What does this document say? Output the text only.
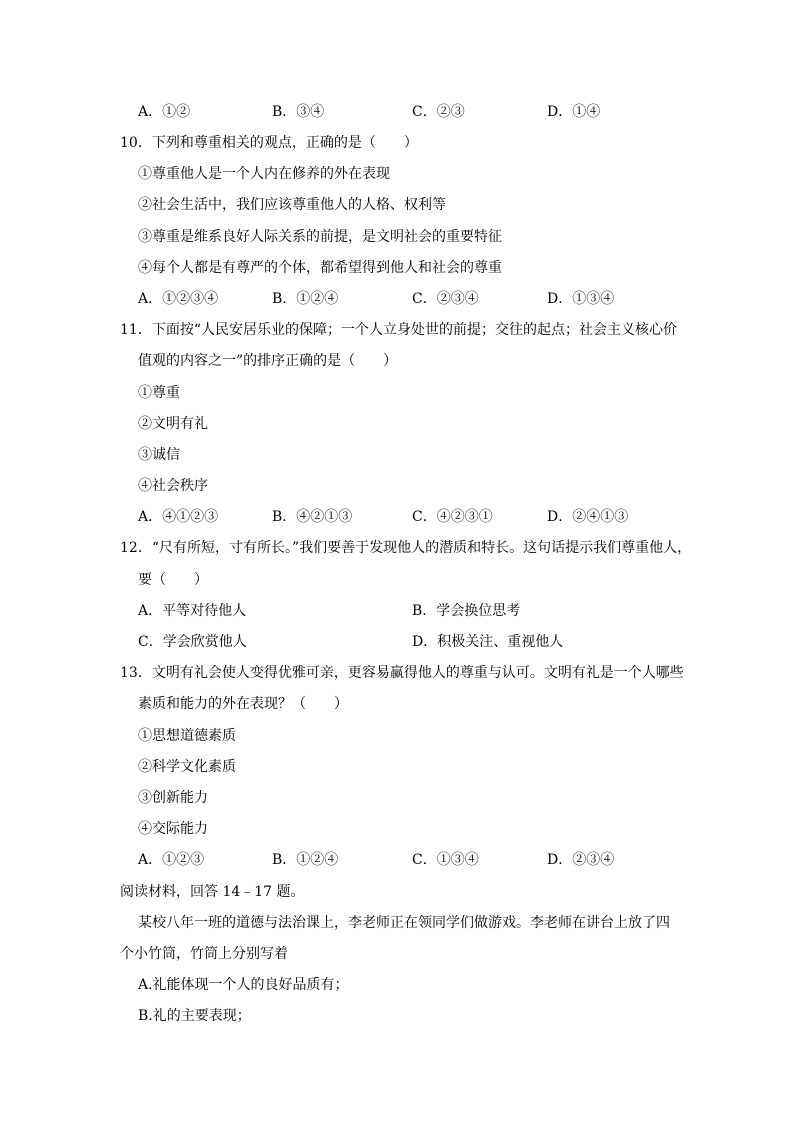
A．①②	B．③④	C．②③	D．①④
10．下列和尊重相关的观点，正确的是（　　）
①尊重他人是一个人内在修养的外在表现
②社会生活中，我们应该尊重他人的人格、权利等
③尊重是维系良好人际关系的前提，是文明社会的重要特征
④每个人都是有尊严的个体，都希望得到他人和社会的尊重
A．①②③④	B．①②④	C．②③④	D．①③④
11．下面按“人民安居乐业的保障；一个人立身处世的前提；交往的起点；社会主义核心价
值观的内容之一”的排序正确的是（　　）
①尊重
②文明有礼
③诚信
④社会秩序
A．④①②③	B．④②①③	C．④②③①	D．②④①③
12．“尺有所短，寸有所长。”我们要善于发现他人的潜质和特长。这句话提示我们尊重他人，
要（　　）
A．平等对待他人	B．学会换位思考
C．学会欣赏他人	D．积极关注、重视他人
13．文明有礼会使人变得优雅可亲，更容易赢得他人的尊重与认可。文明有礼是一个人哪些
素质和能力的外在表现？（　　）
①思想道德素质
②科学文化素质
③创新能力
④交际能力
A．①②③	B．①②④	C．①③④	D．②③④
阅读材料，回答 14﹣17 题。
某校八年一班的道德与法治课上，李老师正在领同学们做游戏。李老师在讲台上放了四
个小竹筒，竹筒上分别写着
A.礼能体现一个人的良好品质有；
B.礼的主要表现；
